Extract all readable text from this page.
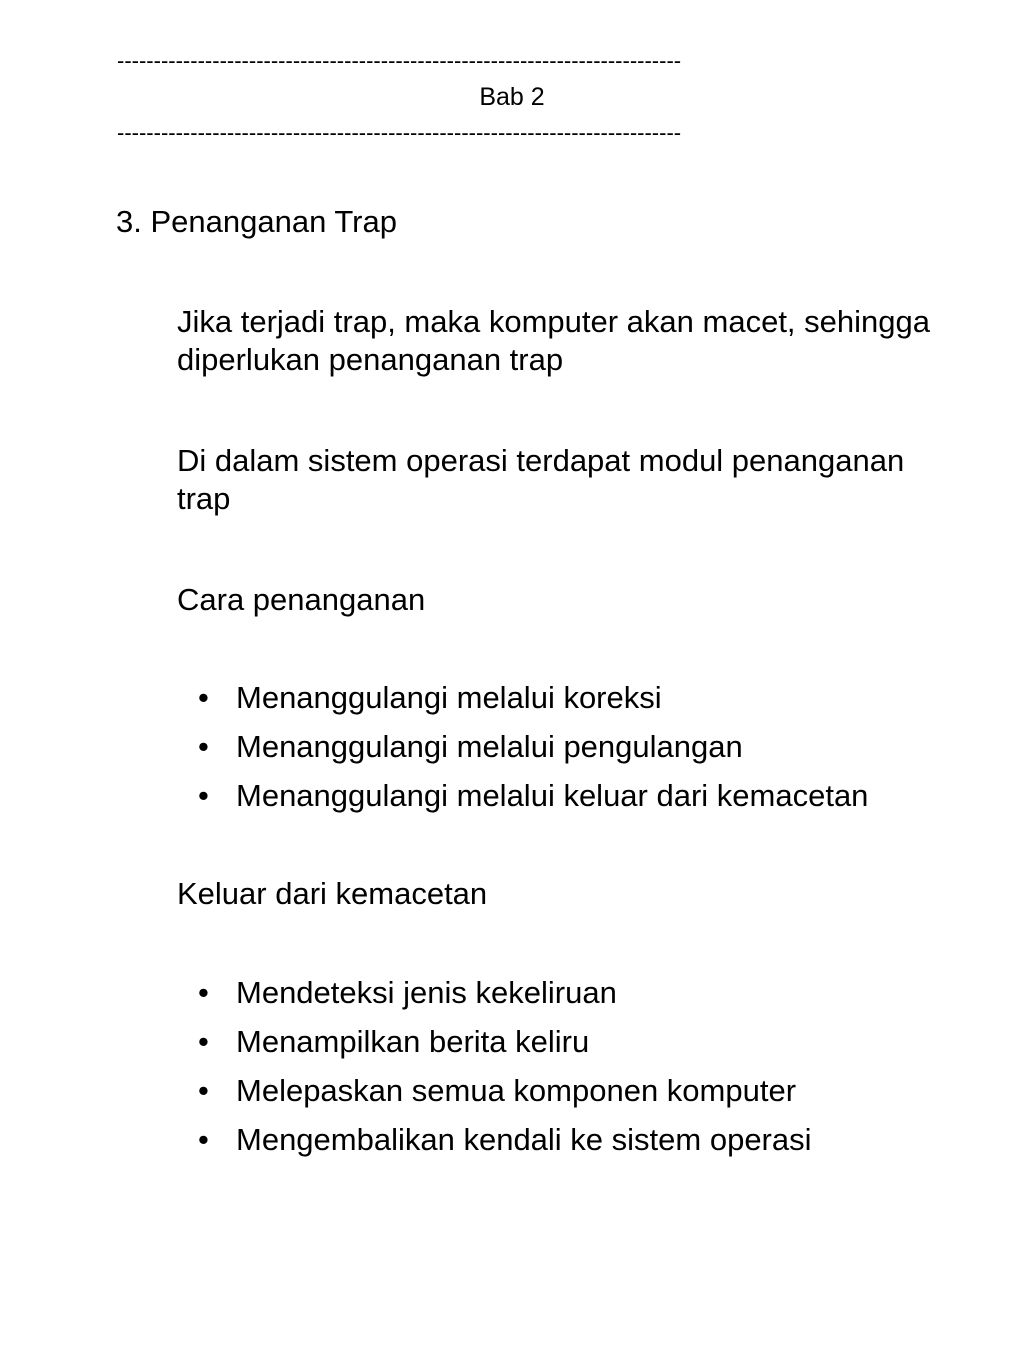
-----------------------------------------------------------------------------
Bab 2
-----------------------------------------------------------------------------
3. Penanganan Trap
Jika terjadi trap, maka komputer akan macet, sehingga diperlukan penanganan trap
Di dalam sistem operasi terdapat modul penanganan trap
Cara penanganan
• Menanggulangi melalui koreksi
• Menanggulangi melalui pengulangan
• Menanggulangi melalui keluar dari kemacetan
Keluar dari kemacetan
• Mendeteksi jenis kekeliruan
• Menampilkan berita keliru
• Melepaskan semua komponen komputer
• Mengembalikan kendali ke sistem operasi
